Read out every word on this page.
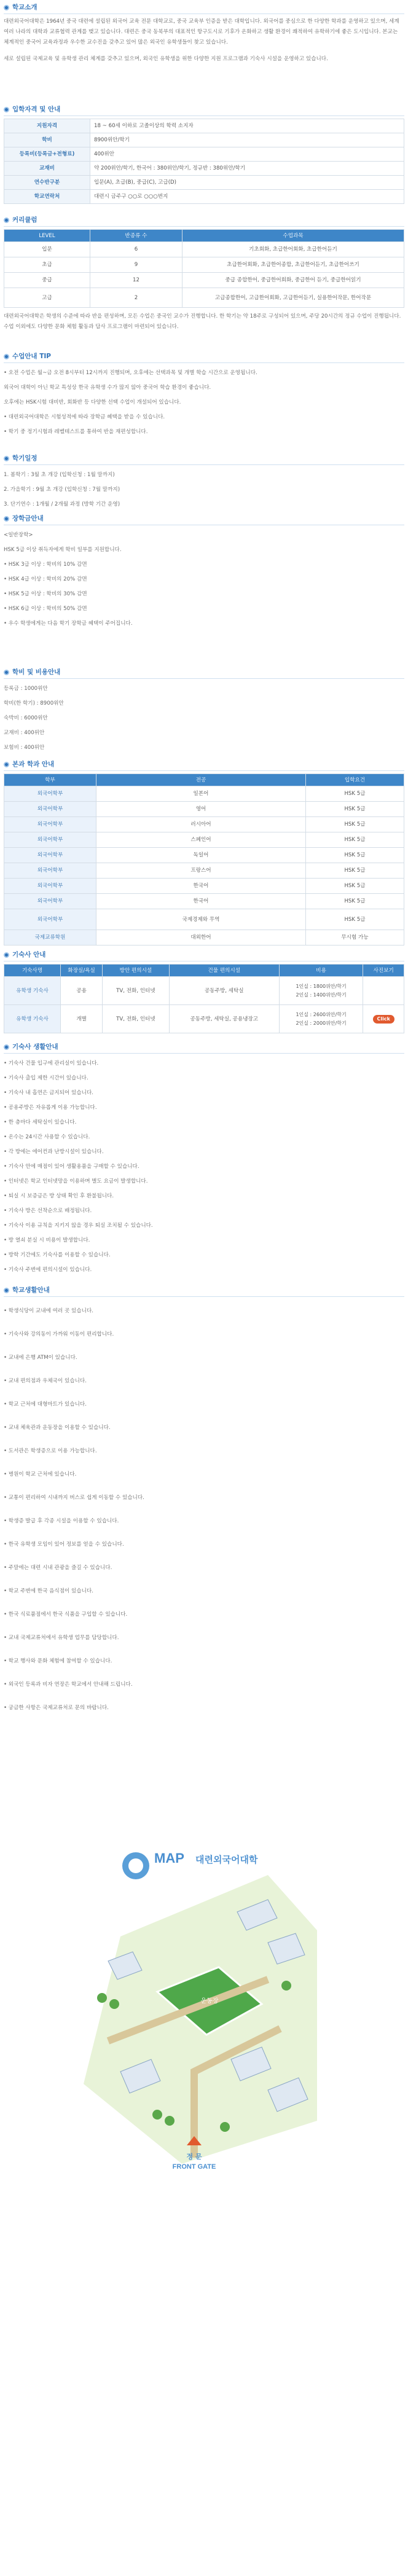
학교소개

대련외국어대학은 1964년 중국 대련에 설립된 외국어 교육 전문 대학교로, 중국 교육부 인증을 받은 대학입니다. 외국어를 중심으로 한 다양한 학과를 운영하고 있으며, 세계 여러 나라의 대학과 교류협력 관계를 맺고 있습니다. 대련은 중국 동북부의 대표적인 항구도시로 기후가 온화하고 생활 환경이 쾌적하여 유학하기에 좋은 도시입니다. 본교는 체계적인 중국어 교육과정과 우수한 교수진을 갖추고 있어 많은 외국인 유학생들이 찾고 있습니다.

세로 설립된 국제교육 및 유학생 관리 체계를 갖추고 있으며, 외국인 유학생을 위한 다양한 지원 프로그램과 기숙사 시설을 운영하고 있습니다.

입학자격 및 안내
지원자격	18 ~ 60세 이하로 고졸이상의 학력 소지자
학비	8900위안/학기
등록비(등록금+전형료)	400위안
교재비	약 200위안/학기, 한국어 : 380위안/학기, 정규반 : 380위안/학기
연수반구분	입문(A), 초급(B), 중급(C), 고급(D)
학교연락처	대련시 금주구 ○○로 ○○○번지
커리큘럼
LEVEL	반종류 수	수업과목
입문	6	기초회화, 초급한어회화, 초급한어듣기
초급	9	초급한어회화, 초급한어종합, 초급한어듣기, 초급한어쓰기
중급	12	중급 종합한어, 중급한어회화, 중급한어 듣기, 중급한어읽기
고급	2	고급종합한어, 고급한어회화, 고급한어듣기, 실용한어작문, 한어작문

대련외국어대학은 학생의 수준에 따라 반을 편성하며, 모든 수업은 중국인 교수가 진행합니다. 한 학기는 약 18주로 구성되어 있으며, 주당 20시간의 정규 수업이 진행됩니다. 수업 이외에도 다양한 문화 체험 활동과 답사 프로그램이 마련되어 있습니다.

수업안내 TIP
• 오전 수업은 월~금 오전 8시부터 12시까지 진행되며, 오후에는 선택과목 및 개별 학습 시간으로 운영됩니다.
외국어 대학이 아닌 학교 특성상 한국 유학생 수가 많지 않아 중국어 학습 환경이 좋습니다.
오후에는 HSK시험 대비반, 회화반 등 다양한 선택 수업이 개설되어 있습니다.
• 대련외국어대학은 시험성적에 따라 장학금 혜택을 받을 수 있습니다.
• 학기 중 정기시험과 레벨테스트를 통하여 반을 재편성합니다.
학기일정
1. 봄학기 : 3월 초 개강 (입학신청 : 1월 말까지)
2. 가을학기 : 9월 초 개강 (입학신청 : 7월 말까지)
3. 단기연수 : 1개월 / 2개월 과정 (방학 기간 운영)
장학금안내
<일반장학>
HSK 5급 이상 취득자에게 학비 일부를 지원합니다.
• HSK 3급 이상 : 학비의 10% 감면
• HSK 4급 이상 : 학비의 20% 감면
• HSK 5급 이상 : 학비의 30% 감면
• HSK 6급 이상 : 학비의 50% 감면
• 우수 학생에게는 다음 학기 장학금 혜택이 주어집니다.
학비 및 비용안내
등록금 : 1000위안
학비(한 학기) : 8900위안
숙박비 : 6000위안
교재비 : 400위안
보험비 : 400위안
본과 학과 안내
학부	전공	입학요건
외국어학부	일본어	HSK 5급
외국어학부	영어	HSK 5급
외국어학부	러시아어	HSK 5급
외국어학부	스페인어	HSK 5급
외국어학부	독일어	HSK 5급
외국어학부	프랑스어	HSK 5급
외국어학부	한국어	HSK 5급
외국어학부	한국어	HSK 5급
외국어학부	국제경제와 무역	HSK 5급
국제교류학원	대외한어	무시험 가능
기숙사 안내
기숙사명	화장실/욕실	방안 편의시설	건물 편의시설	비용	사진보기
유학생 기숙사	공용	TV, 전화, 인터넷	공동주방, 세탁실	1인실 : 1800위안/학기
2인실 : 1400위안/학기	
유학생 기숙사	개별	TV, 전화, 인터넷	공동주방, 세탁실, 공용냉장고	1인실 : 2600위안/학기
2인실 : 2000위안/학기	Click
기숙사 생활안내
• 기숙사 건물 입구에 관리실이 있습니다.
• 기숙사 출입 제한 시간이 있습니다.
• 기숙사 내 흡연은 금지되어 있습니다.
• 공용주방은 자유롭게 이용 가능합니다.
• 한 층마다 세탁실이 있습니다.
• 온수는 24시간 사용할 수 있습니다.
• 각 방에는 에어컨과 난방시설이 있습니다.
• 기숙사 안에 매점이 있어 생활용품을 구매할 수 있습니다.
• 인터넷은 학교 인터넷망을 이용하며 별도 요금이 발생합니다.
• 퇴실 시 보증금은 방 상태 확인 후 환불됩니다.
• 기숙사 방은 선착순으로 배정됩니다.
• 기숙사 이용 규칙을 지키지 않을 경우 퇴실 조치될 수 있습니다.
• 방 열쇠 분실 시 비용이 발생합니다.
• 방학 기간에도 기숙사를 이용할 수 있습니다.
• 기숙사 주변에 편의시설이 있습니다.
학교생활안내
• 학생식당이 교내에 여러 곳 있습니다.
• 기숙사와 강의동이 가까워 이동이 편리합니다.
• 교내에 은행 ATM이 있습니다.
• 교내 편의점과 우체국이 있습니다.
• 학교 근처에 대형마트가 있습니다.
• 교내 체육관과 운동장을 이용할 수 있습니다.
• 도서관은 학생증으로 이용 가능합니다.
• 병원이 학교 근처에 있습니다.
• 교통이 편리하여 시내까지 버스로 쉽게 이동할 수 있습니다.
• 학생증 발급 후 각종 시설을 이용할 수 있습니다.
• 한국 유학생 모임이 있어 정보를 얻을 수 있습니다.
• 주말에는 대련 시내 관광을 즐길 수 있습니다.
• 학교 주변에 한국 음식점이 있습니다.
• 한국 식료품점에서 한국 식품을 구입할 수 있습니다.
• 교내 국제교류처에서 유학생 업무를 담당합니다.
• 학교 행사와 문화 체험에 참여할 수 있습니다.
• 외국인 등록과 비자 연장은 학교에서 안내해 드립니다.
• 궁금한 사항은 국제교류처로 문의 바랍니다.
MAP 대련외국어대학
운동장
정 문
FRONT GATE
